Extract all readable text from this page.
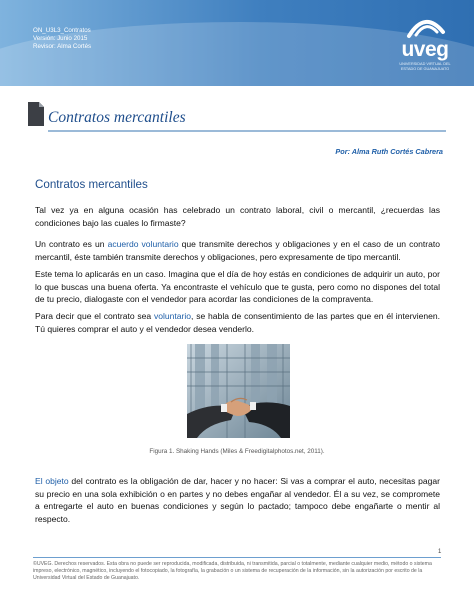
ON_U3L3_Contratos
Versión: Junio 2015
Revisor: Alma Cortés	uveg
UNIVERSIDAD VIRTUAL DEL ESTADO DE GUANAJUATO
Contratos mercantiles
Por: Alma Ruth Cortés Cabrera
Contratos mercantiles

Tal vez ya en alguna ocasión has celebrado un contrato laboral, civil o mercantil, ¿recuerdas las condiciones bajo las cuales lo firmaste?

Un contrato es un acuerdo voluntario que transmite derechos y obligaciones y en el caso de un contrato mercantil, éste también transmite derechos y obligaciones, pero expresamente de tipo mercantil.

Este tema lo aplicarás en un caso. Imagina que el día de hoy estás en condiciones de adquirir un auto, por lo que buscas una buena oferta. Ya encontraste el vehículo que te gusta, pero como no dispones del total de tu precio, dialogaste con el vendedor para acordar las condiciones de la compraventa.

Para decir que el contrato sea voluntario, se habla de consentimiento de las partes que en él intervienen. Tú quieres comprar el auto y el vendedor desea venderlo.

Figura 1. Shaking Hands (Miles & Freedigitalphotos.net, 2011).

El objeto del contrato es la obligación de dar, hacer y no hacer: Si vas a comprar el auto, necesitas pagar su precio en una sola exhibición o en partes y no debes engañar al vendedor. Él a su vez, se compromete a entregarte el auto en buenas condiciones y según lo pactado; tampoco debe engañarte o mentir al respecto.

1
©UVEG. Derechos reservados. Esta obra no puede ser reproducida, modificada, distribuida, ni transmitida, parcial o totalmente, mediante cualquier medio, método o sistema impreso, electrónico, magnético, incluyendo el fotocopiado, la fotografía, la grabación o un sistema de recuperación de la información, sin la autorización por escrito de la Universidad Virtual del Estado de Guanajuato.
